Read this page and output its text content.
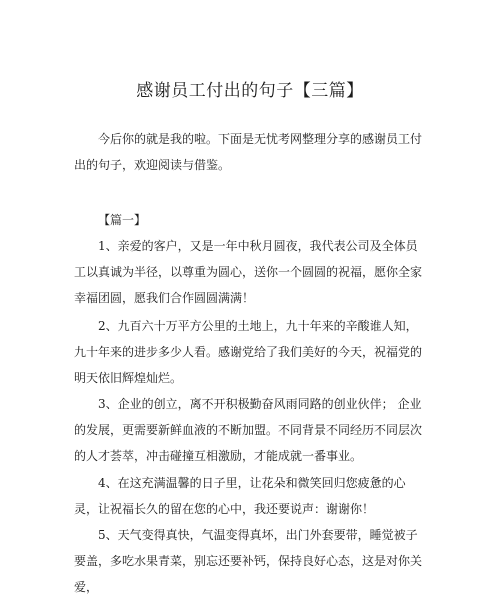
感谢员工付出的句子【三篇】

今后你的就是我的啦。下面是无忧考网整理分享的感谢员工付出的句子，欢迎阅读与借鉴。

【篇一】

1、亲爱的客户，又是一年中秋月圆夜，我代表公司及全体员工以真诚为半径，以尊重为圆心，送你一个圆圆的祝福，愿你全家幸福团圆，愿我们合作圆圆满满！

2、九百六十万平方公里的土地上，九十年来的辛酸谁人知，九十年来的进步多少人看。感谢党给了我们美好的今天，祝福党的明天依旧辉煌灿烂。

3、企业的创立，离不开积极勤奋风雨同路的创业伙伴； 企业的发展，更需要新鲜血液的不断加盟。不同背景不同经历不同层次的人才荟萃，冲击碰撞互相激励，才能成就一番事业。

4、在这充满温馨的日子里，让花朵和微笑回归您疲惫的心灵，让祝福长久的留在您的心中，我还要说声：谢谢你！

5、天气变得真快，气温变得真坏，出门外套要带，睡觉被子要盖，多吃水果青菜，别忘还要补钙，保持良好心态，这是对你关爱，
